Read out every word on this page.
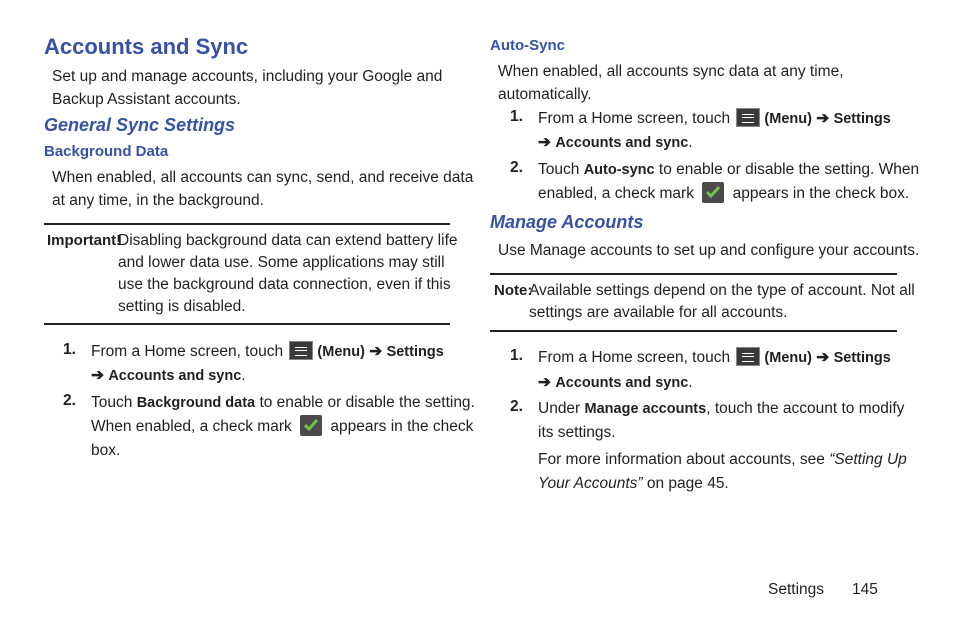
Accounts and Sync
Set up and manage accounts, including your Google and
Backup Assistant accounts.
General Sync Settings
Background Data
When enabled, all accounts can sync, send, and receive data
at any time, in the background.
Important!
Disabling background data can extend battery life
and lower data use. Some applications may still
use the background data connection, even if this
setting is disabled.
1. From a Home screen, touch (Menu) ➔ Settings
➔ Accounts and sync.
2. Touch Background data to enable or disable the setting.
When enabled, a check mark appears in the check
box.
Auto-Sync
When enabled, all accounts sync data at any time,
automatically.
1. From a Home screen, touch (Menu) ➔ Settings
➔ Accounts and sync.
2. Touch Auto-sync to enable or disable the setting. When
enabled, a check mark appears in the check box.
Manage Accounts
Use Manage accounts to set up and configure your accounts.
Note:
Available settings depend on the type of account. Not all
settings are available for all accounts.
1. From a Home screen, touch (Menu) ➔ Settings
➔ Accounts and sync.
2. Under Manage accounts, touch the account to modify
its settings.
For more information about accounts, see “Setting Up
Your Accounts” on page 45.
Settings 145
